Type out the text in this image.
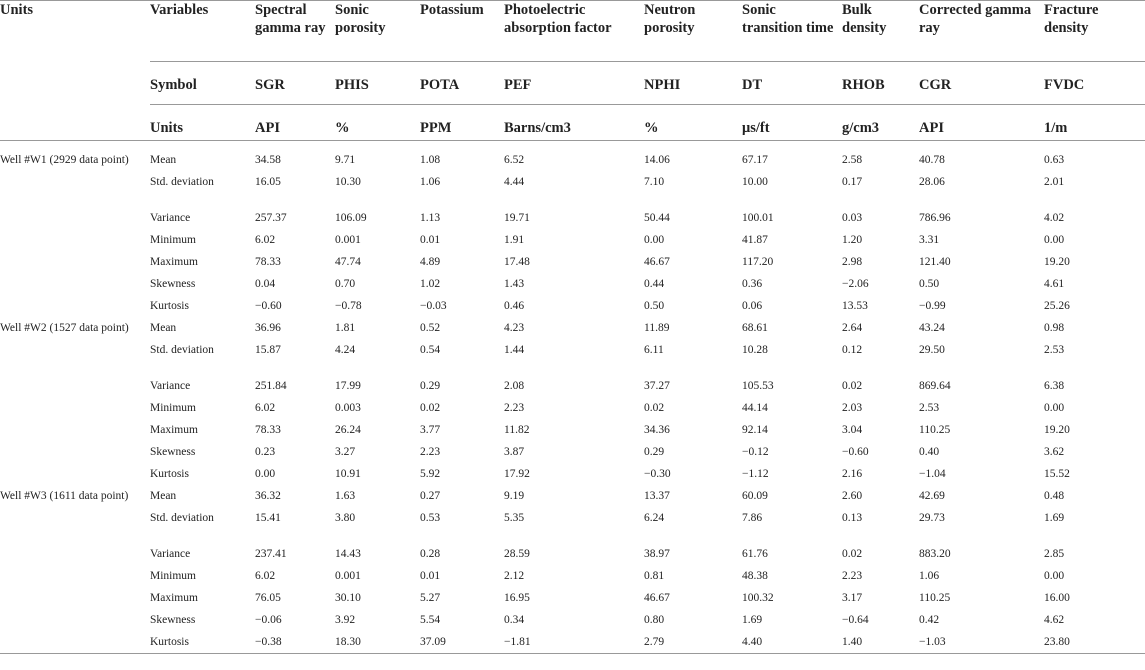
Units	Variables	Spectral gamma ray	Sonic porosity	Potassium	Photoelectric absorption factor	Neutron porosity	Sonic transition time	Bulk density	Corrected gamma ray	Fracture density
	Symbol	SGR	PHIS	POTA	PEF	NPHI	DT	RHOB	CGR	FVDC
	Units	API	%	PPM	Barns/cm3	%	μs/ft	g/cm3	API	1/m
Well #W1 (2929 data point)	Mean	34.58	9.71	1.08	6.52	14.06	67.17	2.58	40.78	0.63
	Std. deviation	16.05	10.30	1.06	4.44	7.10	10.00	0.17	28.06	2.01
	Variance	257.37	106.09	1.13	19.71	50.44	100.01	0.03	786.96	4.02
	Minimum	6.02	0.001	0.01	1.91	0.00	41.87	1.20	3.31	0.00
	Maximum	78.33	47.74	4.89	17.48	46.67	117.20	2.98	121.40	19.20
	Skewness	0.04	0.70	1.02	1.43	0.44	0.36	−2.06	0.50	4.61
	Kurtosis	−0.60	−0.78	−0.03	0.46	0.50	0.06	13.53	−0.99	25.26
Well #W2 (1527 data point)	Mean	36.96	1.81	0.52	4.23	11.89	68.61	2.64	43.24	0.98
	Std. deviation	15.87	4.24	0.54	1.44	6.11	10.28	0.12	29.50	2.53
	Variance	251.84	17.99	0.29	2.08	37.27	105.53	0.02	869.64	6.38
	Minimum	6.02	0.003	0.02	2.23	0.02	44.14	2.03	2.53	0.00
	Maximum	78.33	26.24	3.77	11.82	34.36	92.14	3.04	110.25	19.20
	Skewness	0.23	3.27	2.23	3.87	0.29	−0.12	−0.60	0.40	3.62
	Kurtosis	0.00	10.91	5.92	17.92	−0.30	−1.12	2.16	−1.04	15.52
Well #W3 (1611 data point)	Mean	36.32	1.63	0.27	9.19	13.37	60.09	2.60	42.69	0.48
	Std. deviation	15.41	3.80	0.53	5.35	6.24	7.86	0.13	29.73	1.69
	Variance	237.41	14.43	0.28	28.59	38.97	61.76	0.02	883.20	2.85
	Minimum	6.02	0.001	0.01	2.12	0.81	48.38	2.23	1.06	0.00
	Maximum	76.05	30.10	5.27	16.95	46.67	100.32	3.17	110.25	16.00
	Skewness	−0.06	3.92	5.54	0.34	0.80	1.69	−0.64	0.42	4.62
	Kurtosis	−0.38	18.30	37.09	−1.81	2.79	4.40	1.40	−1.03	23.80
